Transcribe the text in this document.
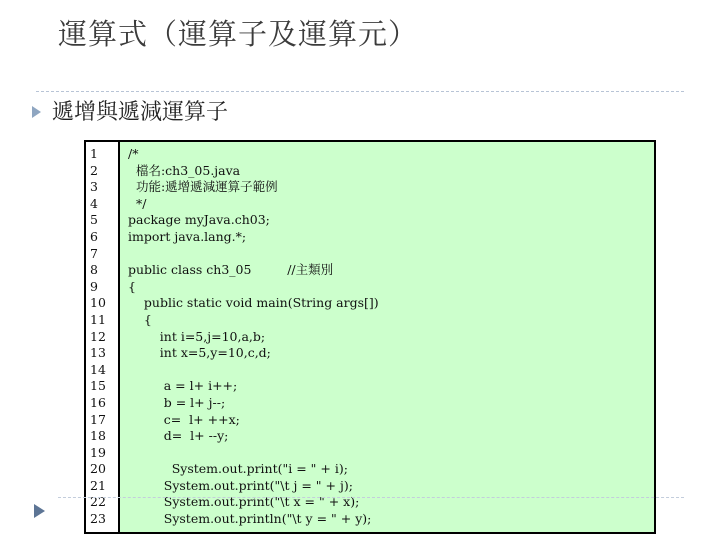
運算式（運算子及運算元）
遞增與遞減運算子
1
2
3
4
5
6
7
8
9
10
11
12
13
14
15
16
17
18
19
20
21
22
23
/*
檔名:ch3_05.java
功能:遞增遞減運算子範例
*/
package myJava.ch03;
import java.lang.*;
public class ch3_05         //主類別
{
public static void main(String args[])
{
int i=5,j=10,a,b;
int x=5,y=10,c,d;
a = l+ i++;
b = l+ j--;
c=  l+ ++x;
d=  l+ --y;
System.out.print("i = " + i);
System.out.print("\t j = " + j);
System.out.print("\t x = " + x);
System.out.println("\t y = " + y);
